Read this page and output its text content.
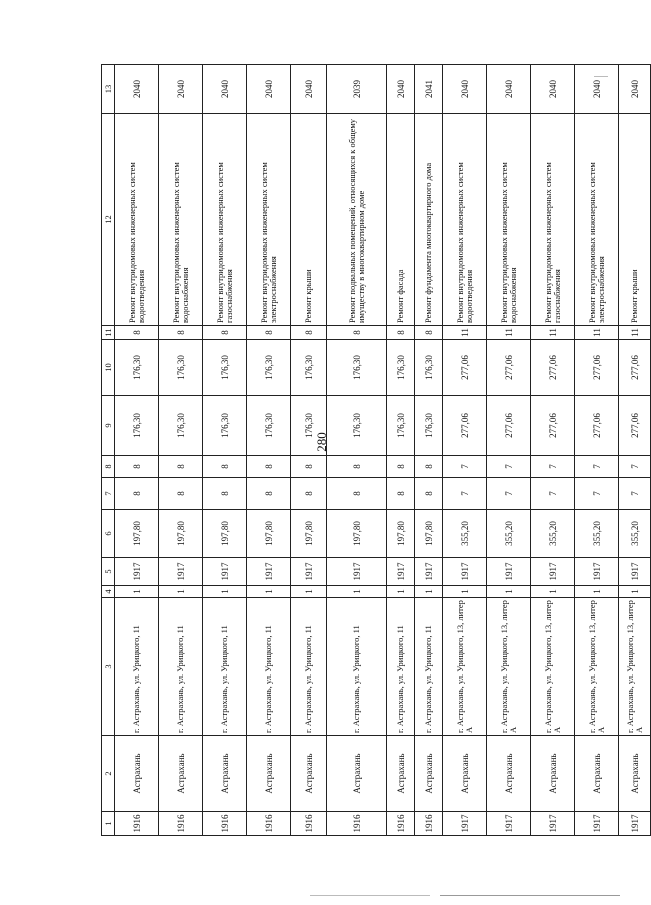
280
1	2	3	4	5	6	7	8	9	10	11	12	13
1916	Астрахань	г. Астрахань, ул. Урицкого, 11	1	1917	197,80	8	8	176,30	176,30	8	Ремонт внутридомовых инженерных систем водоотведения	2040
1916	Астрахань	г. Астрахань, ул. Урицкого, 11	1	1917	197,80	8	8	176,30	176,30	8	Ремонт внутридомовых инженерных систем водоснабжения	2040
1916	Астрахань	г. Астрахань, ул. Урицкого, 11	1	1917	197,80	8	8	176,30	176,30	8	Ремонт внутридомовых инженерных систем газоснабжения	2040
1916	Астрахань	г. Астрахань, ул. Урицкого, 11	1	1917	197,80	8	8	176,30	176,30	8	Ремонт внутридомовых инженерных систем электроснабжения	2040
1916	Астрахань	г. Астрахань, ул. Урицкого, 11	1	1917	197,80	8	8	176,30	176,30	8	Ремонт крыши	2040
1916	Астрахань	г. Астрахань, ул. Урицкого, 11	1	1917	197,80	8	8	176,30	176,30	8	Ремонт подвальных помещений, относящихся к общему имуществу в многоквартирном доме	2039
1916	Астрахань	г. Астрахань, ул. Урицкого, 11	1	1917	197,80	8	8	176,30	176,30	8	Ремонт фасада	2040
1916	Астрахань	г. Астрахань, ул. Урицкого, 11	1	1917	197,80	8	8	176,30	176,30	8	Ремонт фундамента многоквартирного дома	2041
1917	Астрахань	г. Астрахань, ул. Урицкого, 13, литер А	1	1917	355,20	7	7	277,06	277,06	11	Ремонт внутридомовых инженерных систем водоотведения	2040
1917	Астрахань	г. Астрахань, ул. Урицкого, 13, литер А	1	1917	355,20	7	7	277,06	277,06	11	Ремонт внутридомовых инженерных систем водоснабжения	2040
1917	Астрахань	г. Астрахань, ул. Урицкого, 13, литер А	1	1917	355,20	7	7	277,06	277,06	11	Ремонт внутридомовых инженерных систем газоснабжения	2040
1917	Астрахань	г. Астрахань, ул. Урицкого, 13, литер А	1	1917	355,20	7	7	277,06	277,06	11	Ремонт внутридомовых инженерных систем электроснабжения	2040
1917	Астрахань	г. Астрахань, ул. Урицкого, 13, литер А	1	1917	355,20	7	7	277,06	277,06	11	Ремонт крыши	2040
